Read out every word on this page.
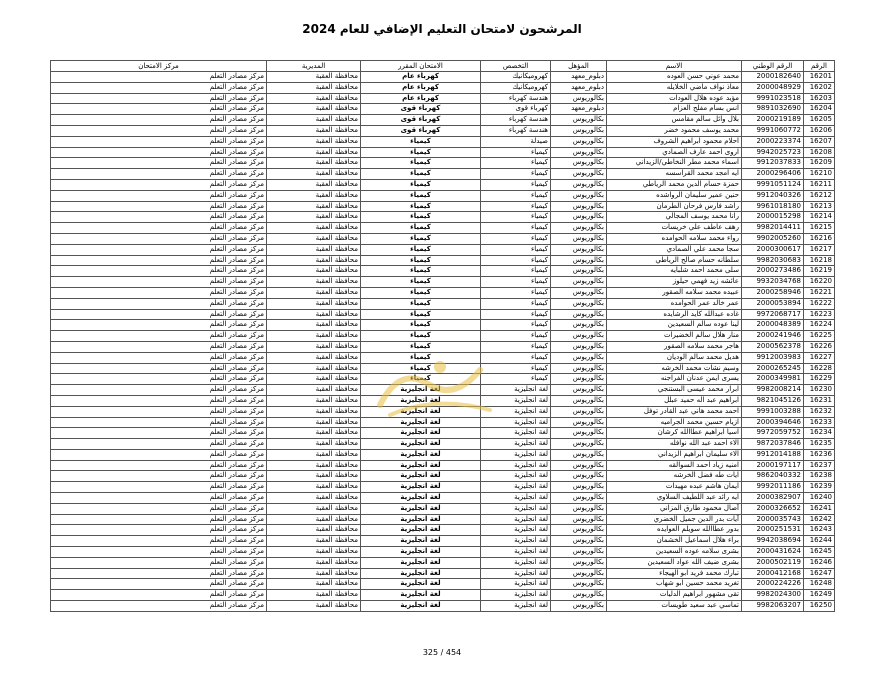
المرشحون لامتحان التعليم الإضافي للعام 2024
الرقم	الرقم الوطني	الاسم	المؤهل	التخصص	الامتحان المقرر	المديرية	مركز الامتحان
16201	2000182640	محمد عوني حسن العوده	دبلوم_معهد	كهروميكانيك	كهرباء عام	محافظة العقبة	مركز مصادر التعلم
16202	2000048929	معاذ نواف ماضي الخلايله	دبلوم_معهد	كهروميكانيك	كهرباء عام	محافظة العقبة	مركز مصادر التعلم
16203	9991023518	مؤيد عوده هلال العودات	بكالوريوس	هندسة كهرباء	كهرباء عام	محافظة العقبة	مركز مصادر التعلم
16204	9891032690	انس بسام مفلح العزام	دبلوم_معهد	كهرباء قوى	كهرباء قوى	محافظة العقبة	مركز مصادر التعلم
16205	2000219189	بلال وائل سالم مقامس	بكالوريوس	هندسة كهرباء	كهرباء قوى	محافظة العقبة	مركز مصادر التعلم
16206	9991060772	محمد يوسف محمود خضر	بكالوريوس	هندسة كهرباء	كهرباء قوى	محافظة العقبة	مركز مصادر التعلم
16207	2000223374	احلام محمود ابراهيم الشروف	بكالوريوس	صيدلة	كيمياء	محافظة العقبة	مركز مصادر التعلم
16208	9942025723	اروى احمد عارف الصمادي	بكالوريوس	كيمياء	كيمياء	محافظة العقبة	مركز مصادر التعلم
16209	9912037833	اسماء محمد مطر النخاطي/الزيداني	بكالوريوس	كيمياء	كيمياء	محافظة العقبة	مركز مصادر التعلم
16210	2000296406	ايه امجد محمد القراسسه	بكالوريوس	كيمياء	كيمياء	محافظة العقبة	مركز مصادر التعلم
16211	9991051124	حمزة حسام الدين محمد الرياطي	بكالوريوس	كيمياء	كيمياء	محافظة العقبة	مركز مصادر التعلم
16212	9912040326	حنين عمير سليمان الرواشده	بكالوريوس	كيمياء	كيمياء	محافظة العقبة	مركز مصادر التعلم
16213	9961018180	راشد فارس فرحان الطرمان	بكالوريوس	كيمياء	كيمياء	محافظة العقبة	مركز مصادر التعلم
16214	2000015298	رانا محمد يوسف المجالي	بكالوريوس	كيمياء	كيمياء	محافظة العقبة	مركز مصادر التعلم
16215	9982014411	رهف عاطف علي خريسات	بكالوريوس	كيمياء	كيمياء	محافظة العقبة	مركز مصادر التعلم
16216	9902005260	رواء محمد سلامه الحوامده	بكالوريوس	كيمياء	كيمياء	محافظة العقبة	مركز مصادر التعلم
16217	2000300617	سجا محمد علي الصمادي	بكالوريوس	كيمياء	كيمياء	محافظة العقبة	مركز مصادر التعلم
16218	9982030683	سلطانه حسام صالح الرياطي	بكالوريوس	كيمياء	كيمياء	محافظة العقبة	مركز مصادر التعلم
16219	2000273486	سلى محمد احمد شلبايه	بكالوريوس	كيمياء	كيمياء	محافظة العقبة	مركز مصادر التعلم
16220	9932034768	عائشه زيد فهمي حيلوز	بكالوريوس	كيمياء	كيمياء	محافظة العقبة	مركز مصادر التعلم
16221	2000258946	عبيده محمد سلامه الصقور	بكالوريوس	كيمياء	كيمياء	محافظة العقبة	مركز مصادر التعلم
16222	2000053894	عمر خالد عمر الحوامده	بكالوريوس	كيمياء	كيمياء	محافظة العقبة	مركز مصادر التعلم
16223	9972068717	غاده عبدالله كايد الرشايده	بكالوريوس	كيمياء	كيمياء	محافظة العقبة	مركز مصادر التعلم
16224	2000048389	لينا عوده سالم السعيدين	بكالوريوس	كيمياء	كيمياء	محافظة العقبة	مركز مصادر التعلم
16225	2000241946	منار هلال سالم الخضيرات	بكالوريوس	كيمياء	كيمياء	محافظة العقبة	مركز مصادر التعلم
16226	2000562378	هاجر محمد سلامه الصقور	بكالوريوس	كيمياء	كيمياء	محافظة العقبة	مركز مصادر التعلم
16227	9912003983	هديل محمد سالم الوديان	بكالوريوس	كيمياء	كيمياء	محافظة العقبة	مركز مصادر التعلم
16228	2000265245	وسيم نشات محمد الخرشه	بكالوريوس	كيمياء	كيمياء	محافظة العقبة	مركز مصادر التعلم
16229	2000349981	يسرى ايمن عدنان الفراجنه	بكالوريوس	كيمياء	كيمياء	محافظة العقبة	مركز مصادر التعلم
16230	9982008214	ابرار محمد عيسى البستنجي	بكالوريوس	لغة انجليزية	لغة انجليزية	محافظة العقبة	مركز مصادر التعلم
16231	9821045126	ابراهيم عبد اله حميد عبلل	بكالوريوس	لغة انجليزية	لغة انجليزية	محافظة العقبة	مركز مصادر التعلم
16232	9991003288	احمد محمد هاني عبد القادر توفل	بكالوريوس	لغة انجليزية	لغة انجليزية	محافظة العقبة	مركز مصادر التعلم
16233	2000394646	ازيام حسين محمد الجراميه	بكالوريوس	لغة انجليزية	لغة انجليزية	محافظة العقبة	مركز مصادر التعلم
16234	9972059752	اسيا ابراهيم عطاالله كرشان	بكالوريوس	لغة انجليزية	لغة انجليزية	محافظة العقبة	مركز مصادر التعلم
16235	9872037846	الاء احمد عبد الله نوافله	بكالوريوس	لغة انجليزية	لغة انجليزية	محافظة العقبة	مركز مصادر التعلم
16236	9912014188	الاء سليمان ابراهيم الزيداني	بكالوريوس	لغة انجليزية	لغة انجليزية	محافظة العقبة	مركز مصادر التعلم
16237	2000197117	امنيه زياد احمد السوالقه	بكالوريوس	لغة انجليزية	لغة انجليزية	محافظة العقبة	مركز مصادر التعلم
16238	9862040332	ايات طه فضل الخرشه	بكالوريوس	لغة انجليزية	لغة انجليزية	محافظة العقبة	مركز مصادر التعلم
16239	9992011186	ايمان هاشم عبده مهيدات	بكالوريوس	لغة انجليزية	لغة انجليزية	محافظة العقبة	مركز مصادر التعلم
16240	2000382907	ايه رائد عبد اللطيف السلاوي	بكالوريوس	لغة انجليزية	لغة انجليزية	محافظة العقبة	مركز مصادر التعلم
16241	2000326652	آصال محمود طارق المزاني	بكالوريوس	لغة انجليزية	لغة انجليزية	محافظة العقبة	مركز مصادر التعلم
16242	2000035743	آيات بدر الدين جميل الخضري	بكالوريوس	لغة انجليزية	لغة انجليزية	محافظة العقبة	مركز مصادر التعلم
16243	2000251531	بدور عطاالله سويلم العوايده	بكالوريوس	لغة انجليزية	لغة انجليزية	محافظة العقبة	مركز مصادر التعلم
16244	9942038694	براء هلال اسماعيل الخشمان	بكالوريوس	لغة انجليزية	لغة انجليزية	محافظة العقبة	مركز مصادر التعلم
16245	2000431624	بشرى سلامه عوده السعيدين	بكالوريوس	لغة انجليزية	لغة انجليزية	محافظة العقبة	مركز مصادر التعلم
16246	2000502119	بشرى ضيف الله عواد السعيدين	بكالوريوس	لغة انجليزية	لغة انجليزية	محافظة العقبة	مركز مصادر التعلم
16247	2000412168	تبارك محمد فريد ابو الهيجاء	بكالوريوس	لغة انجليزية	لغة انجليزية	محافظة العقبة	مركز مصادر التعلم
16248	2000224226	تغريد محمد حسين ابو شهاب	بكالوريوس	لغة انجليزية	لغة انجليزية	محافظة العقبة	مركز مصادر التعلم
16249	9982024300	تقى مشهور ابراهيم الدليات	بكالوريوس	لغة انجليزية	لغة انجليزية	محافظة العقبة	مركز مصادر التعلم
16250	9982063207	تماسي عبد سعيد طويسات	بكالوريوس	لغة انجليزية	لغة انجليزية	محافظة العقبة	مركز مصادر التعلم
325 / 454
